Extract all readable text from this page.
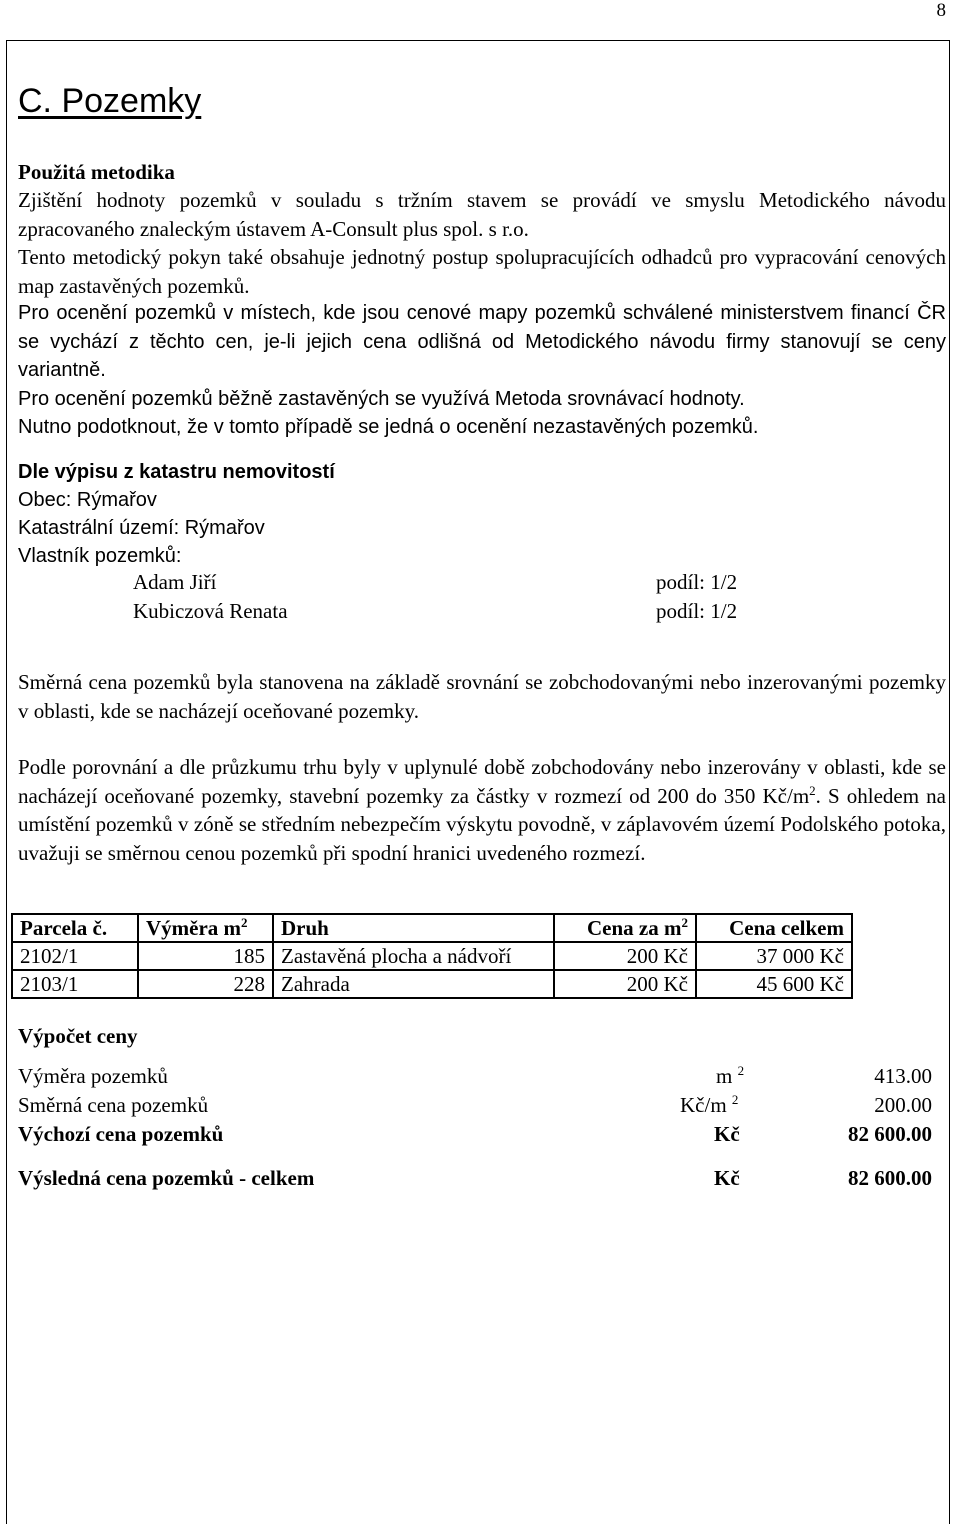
8
C. Pozemky
Použitá metodika

Zjištění hodnoty pozemků v souladu s tržním stavem se provádí ve smyslu Metodického návodu zpracovaného znaleckým ústavem A-Consult plus spol. s r.o.

Tento metodický pokyn také obsahuje jednotný postup spolupracujících odhadců pro vypracování cenových map zastavěných pozemků.

Pro ocenění pozemků v místech, kde jsou cenové mapy pozemků schválené ministerstvem financí ČR se vychází z těchto cen, je-li jejich cena odlišná od Metodického návodu firmy stanovují se ceny variantně.

Pro ocenění pozemků běžně zastavěných se využívá Metoda srovnávací hodnoty.

Nutno podotknout, že v tomto případě se jedná o ocenění nezastavěných pozemků.

Dle výpisu z katastru nemovitostí
Obec: Rýmařov
Katastrální území: Rýmařov
Vlastník pozemků:
Adam Jiří	podíl: 1/2
Kubiczová Renata	podíl: 1/2

Směrná cena pozemků byla stanovena na základě srovnání se zobchodovanými nebo inzerovanými pozemky v oblasti, kde se nacházejí oceňované pozemky.

Podle porovnání a dle průzkumu trhu byly v uplynulé době zobchodovány nebo inzerovány v oblasti, kde se nacházejí oceňované pozemky, stavební pozemky za částky v rozmezí od 200 do 350 $Kč/m^2$. S ohledem na umístění pozemků v zóně se středním nebezpečím výskytu povodně, v záplavovém území Podolského potoka, uvažuji se směrnou cenou pozemků při spodní hranici uvedeného rozmezí.

Parcela č.	Výměra $m^2$	Druh	Cena za $m^2$	Cena celkem
2102/1	185	Zastavěná plocha a nádvoří	200 Kč	37 000 Kč
2103/1	228	Zahrada	200 Kč	45 600 Kč
Výpočet ceny
Výměra pozemků	m $^2$	413.00
Směrná cena pozemků	Kč/m $^2$	200.00
Výchozí cena pozemků	Kč	82 600.00
Výsledná cena pozemků - celkem	Kč	82 600.00
